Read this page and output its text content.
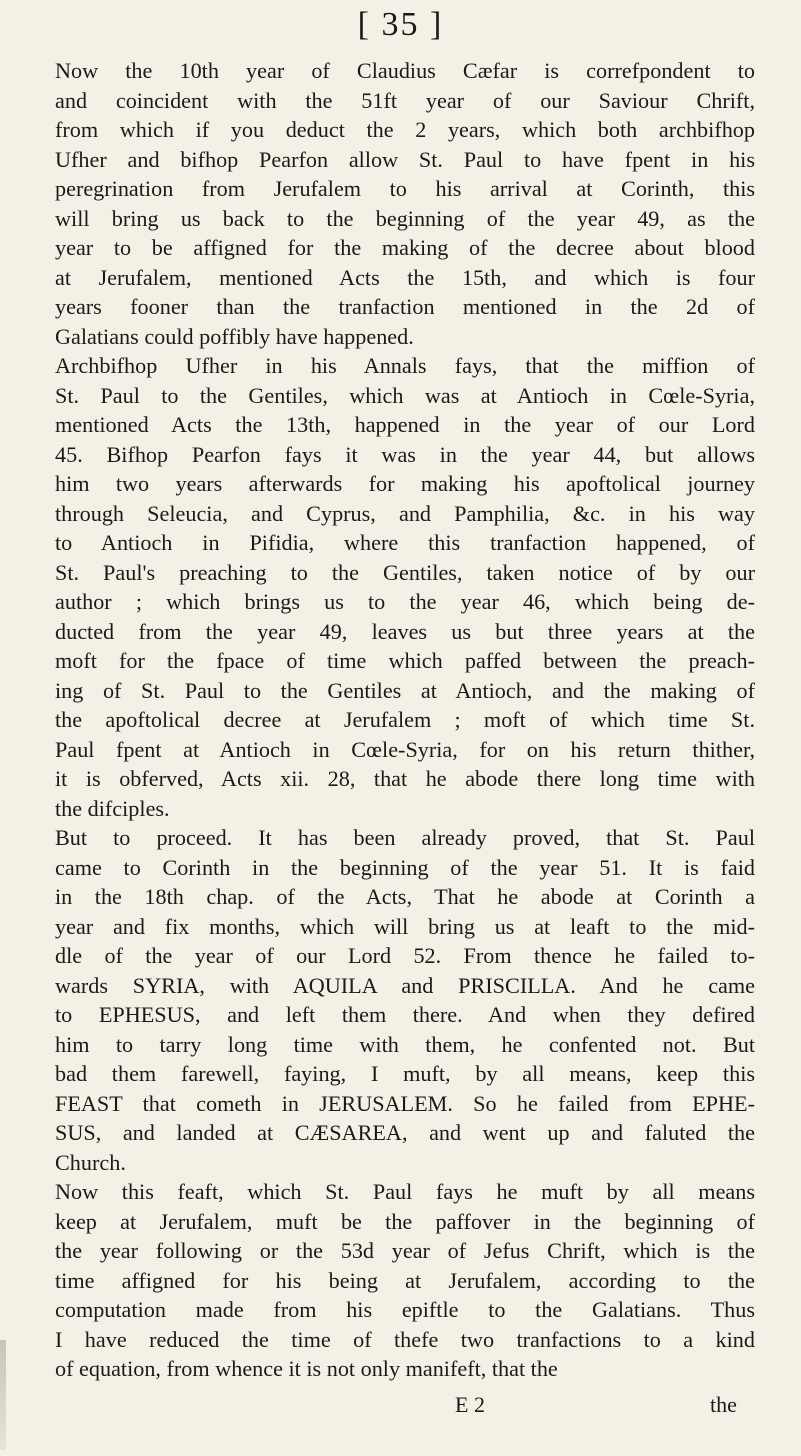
[ 35 ]
Now the 10th year of Claudius Cæfar is correfpondent to
and coincident with the 51ft year of our Saviour Chrift,
from which if you deduct the 2 years, which both archbifhop
Ufher and bifhop Pearfon allow St. Paul to have fpent in his
peregrination from Jerufalem to his arrival at Corinth, this
will bring us back to the beginning of the year 49, as the
year to be affigned for the making of the decree about blood
at Jerufalem, mentioned Acts the 15th, and which is four
years fooner than the tranfaction mentioned in the 2d of
Galatians could poffibly have happened.
Archbifhop Ufher in his Annals fays, that the miffion of
St. Paul to the Gentiles, which was at Antioch in Cœle-Syria,
mentioned Acts the 13th, happened in the year of our Lord
45. Bifhop Pearfon fays it was in the year 44, but allows
him two years afterwards for making his apoftolical journey
through Seleucia, and Cyprus, and Pamphilia, &c. in his way
to Antioch in Pifidia, where this tranfaction happened, of
St. Paul's preaching to the Gentiles, taken notice of by our
author ; which brings us to the year 46, which being de-
ducted from the year 49, leaves us but three years at the
moft for the fpace of time which paffed between the preach-
ing of St. Paul to the Gentiles at Antioch, and the making of
the apoftolical decree at Jerufalem ; moft of which time St.
Paul fpent at Antioch in Cœle-Syria, for on his return thither,
it is obferved, Acts xii. 28, that he abode there long time with
the difciples.
But to proceed. It has been already proved, that St. Paul
came to Corinth in the beginning of the year 51. It is faid
in the 18th chap. of the Acts, That he abode at Corinth a
year and fix months, which will bring us at leaft to the mid-
dle of the year of our Lord 52. From thence he failed to-
wards SYRIA, with AQUILA and PRISCILLA. And he came
to EPHESUS, and left them there. And when they defired
him to tarry long time with them, he confented not. But
bad them farewell, faying, I muft, by all means, keep this
FEAST that cometh in JERUSALEM. So he failed from EPHE-
SUS, and landed at CÆSAREA, and went up and faluted the
Church.
Now this feaft, which St. Paul fays he muft by all means
keep at Jerufalem, muft be the paffover in the beginning of
the year following or the 53d year of Jefus Chrift, which is the
time affigned for his being at Jerufalem, according to the
computation made from his epiftle to the Galatians. Thus
I have reduced the time of thefe two tranfactions to a kind
of equation, from whence it is not only manifeft, that the
E 2	the
